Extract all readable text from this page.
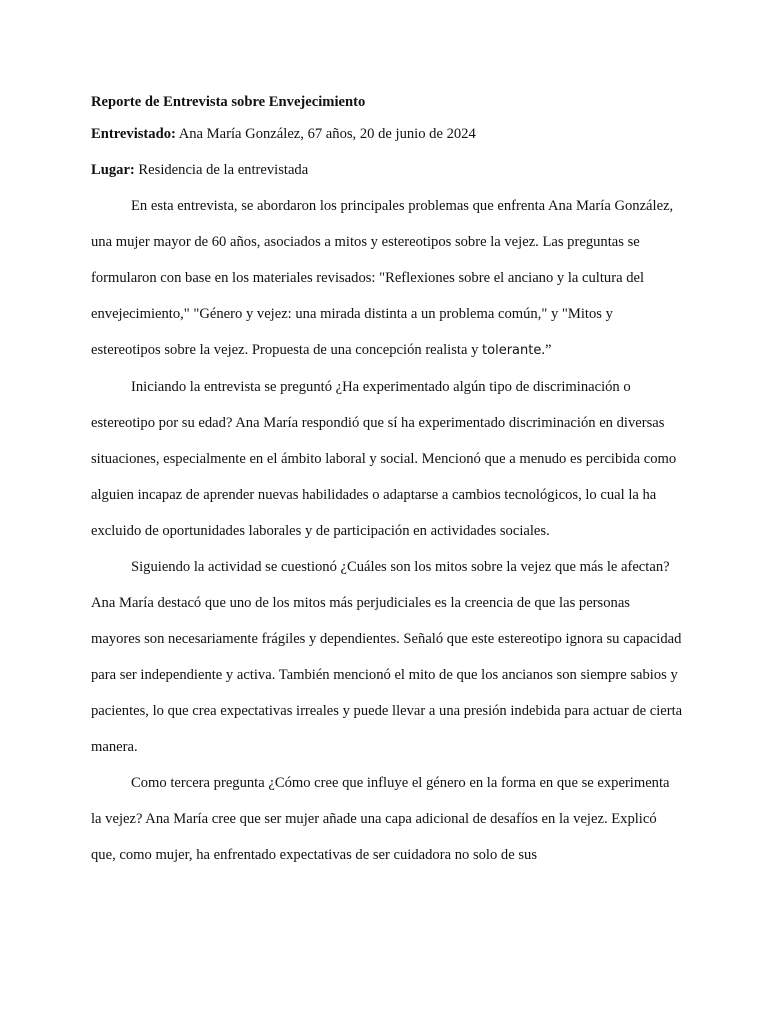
Reporte de Entrevista sobre Envejecimiento

Entrevistado: Ana María González, 67 años, 20 de junio de 2024

Lugar: Residencia de la entrevistada

En esta entrevista, se abordaron los principales problemas que enfrenta Ana María González, una mujer mayor de 60 años, asociados a mitos y estereotipos sobre la vejez. Las preguntas se formularon con base en los materiales revisados: "Reflexiones sobre el anciano y la cultura del envejecimiento," "Género y vejez: una mirada distinta a un problema común," y "Mitos y estereotipos sobre la vejez. Propuesta de una concepción realista y tolerante.”

Iniciando la entrevista se preguntó ¿Ha experimentado algún tipo de discriminación o estereotipo por su edad? Ana María respondió que sí ha experimentado discriminación en diversas situaciones, especialmente en el ámbito laboral y social. Mencionó que a menudo es percibida como alguien incapaz de aprender nuevas habilidades o adaptarse a cambios tecnológicos, lo cual la ha excluido de oportunidades laborales y de participación en actividades sociales.

Siguiendo la actividad se cuestionó ¿Cuáles son los mitos sobre la vejez que más le afectan? Ana María destacó que uno de los mitos más perjudiciales es la creencia de que las personas mayores son necesariamente frágiles y dependientes. Señaló que este estereotipo ignora su capacidad para ser independiente y activa. También mencionó el mito de que los ancianos son siempre sabios y pacientes, lo que crea expectativas irreales y puede llevar a una presión indebida para actuar de cierta manera.

Como tercera pregunta ¿Cómo cree que influye el género en la forma en que se experimenta la vejez? Ana María cree que ser mujer añade una capa adicional de desafíos en la vejez. Explicó que, como mujer, ha enfrentado expectativas de ser cuidadora no solo de sus
